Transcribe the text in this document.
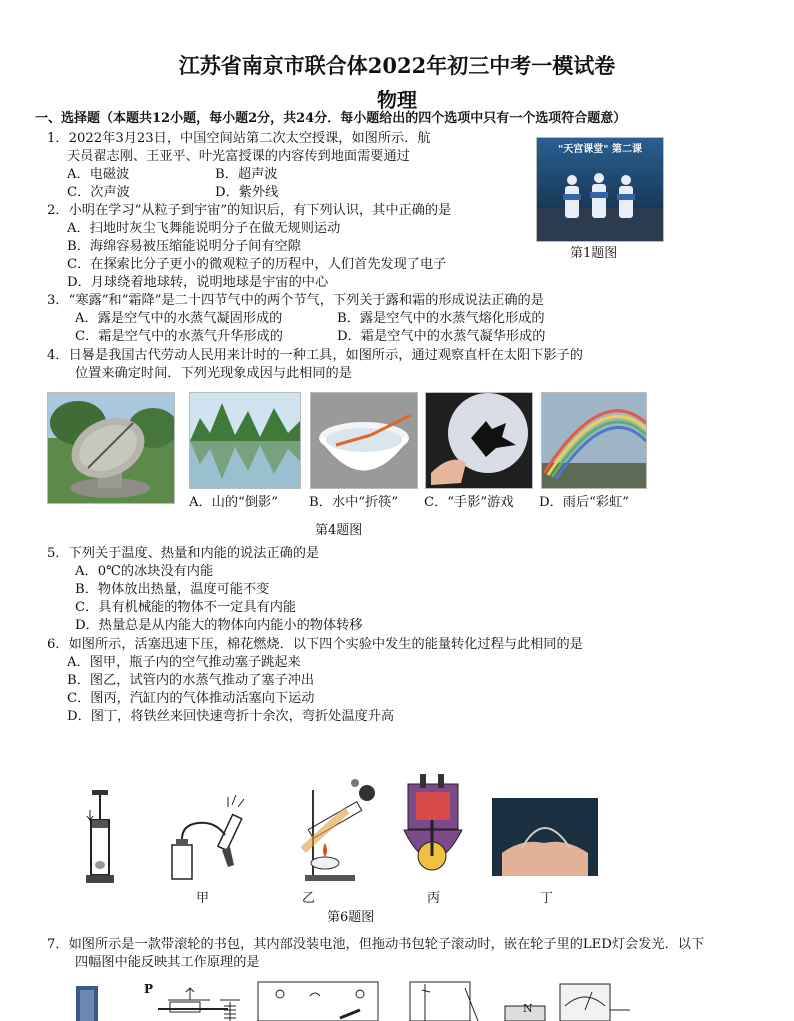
江苏省南京市联合体2022年初三中考一模试卷
物理
一、选择题（本题共12小题，每小题2分，共24分．每小题给出的四个选项中只有一个选项符合题意）
1．2022年3月23日，中国空间站第二次太空授课，如图所示．航
天员翟志刚、王亚平、叶光富授课的内容传到地面需要通过
A．电磁波	B．超声波
C．次声波	D．紫外线
"天宫课堂" 第二课
第1题图
2．小明在学习“从粒子到宇宙”的知识后，有下列认识，其中正确的是
A．扫地时灰尘飞舞能说明分子在做无规则运动
B．海绵容易被压缩能说明分子间有空隙
C．在探索比分子更小的微观粒子的历程中，人们首先发现了电子
D．月球绕着地球转，说明地球是宇宙的中心
3．“寒露”和“霜降”是二十四节气中的两个节气，下列关于露和霜的形成说法正确的是
A．露是空气中的水蒸气凝固形成的	B．露是空气中的水蒸气熔化形成的
C．霜是空气中的水蒸气升华形成的	D．霜是空气中的水蒸气凝华形成的
4．日晷是我国古代劳动人民用来计时的一种工具，如图所示，通过观察直杆在太阳下影子的
位置来确定时间．下列光现象成因与此相同的是
A．山的“倒影” B．水中“折筷” C．“手影”游戏 D．雨后“彩虹”
第4题图
5．下列关于温度、热量和内能的说法正确的是
A．0℃的冰块没有内能
B．物体放出热量，温度可能不变
C．具有机械能的物体不一定具有内能
D．热量总是从内能大的物体向内能小的物体转移
6．如图所示，活塞迅速下压，棉花燃烧．以下四个实验中发生的能量转化过程与此相同的是
A．图甲，瓶子内的空气推动塞子跳起来
B．图乙，试管内的水蒸气推动了塞子冲出
C．图丙，汽缸内的气体推动活塞向下运动
D．图丁，将铁丝来回快速弯折十余次，弯折处温度升高
甲	乙	丙	丁
第6题图
7．如图所示是一款带滚轮的书包，其内部没装电池，但拖动书包轮子滚动时，嵌在轮子里的LED灯会发光．以下
四幅图中能反映其工作原理的是
P
N
